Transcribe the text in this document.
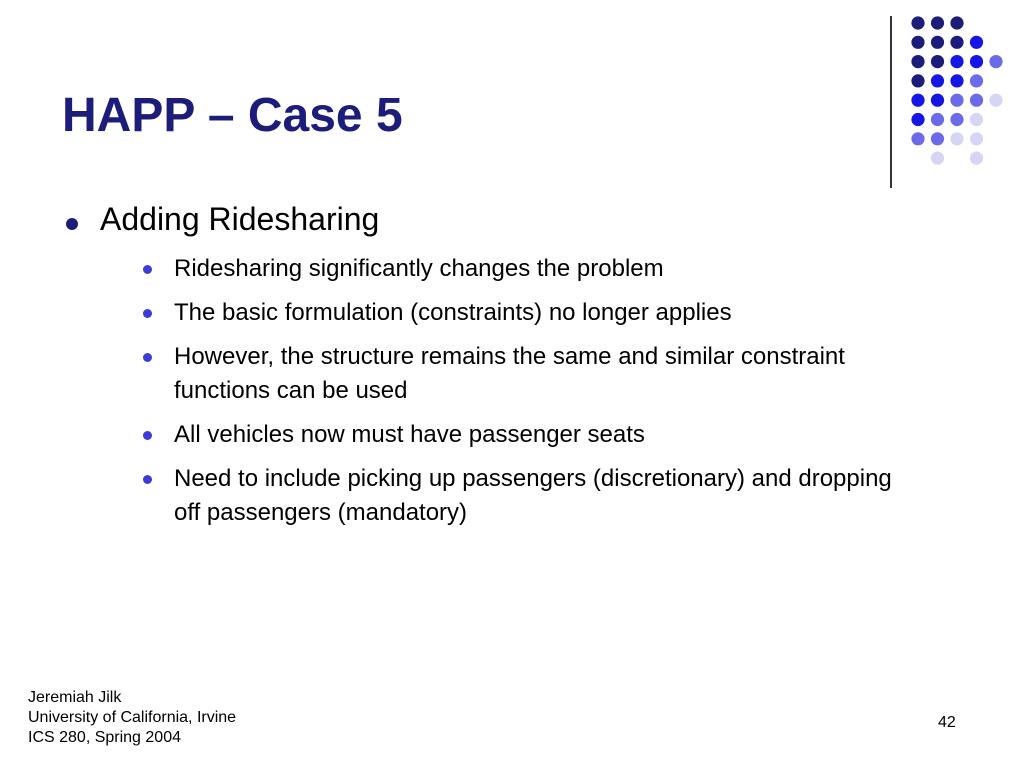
HAPP – Case 5
Adding Ridesharing
Ridesharing significantly changes the problem
The basic formulation (constraints) no longer applies
However, the structure remains the same and similar constraint functions can be used
All vehicles now must have passenger seats
Need to include picking up passengers (discretionary) and dropping off passengers (mandatory)
Jeremiah Jilk
University of California, Irvine
ICS 280, Spring 2004
42
